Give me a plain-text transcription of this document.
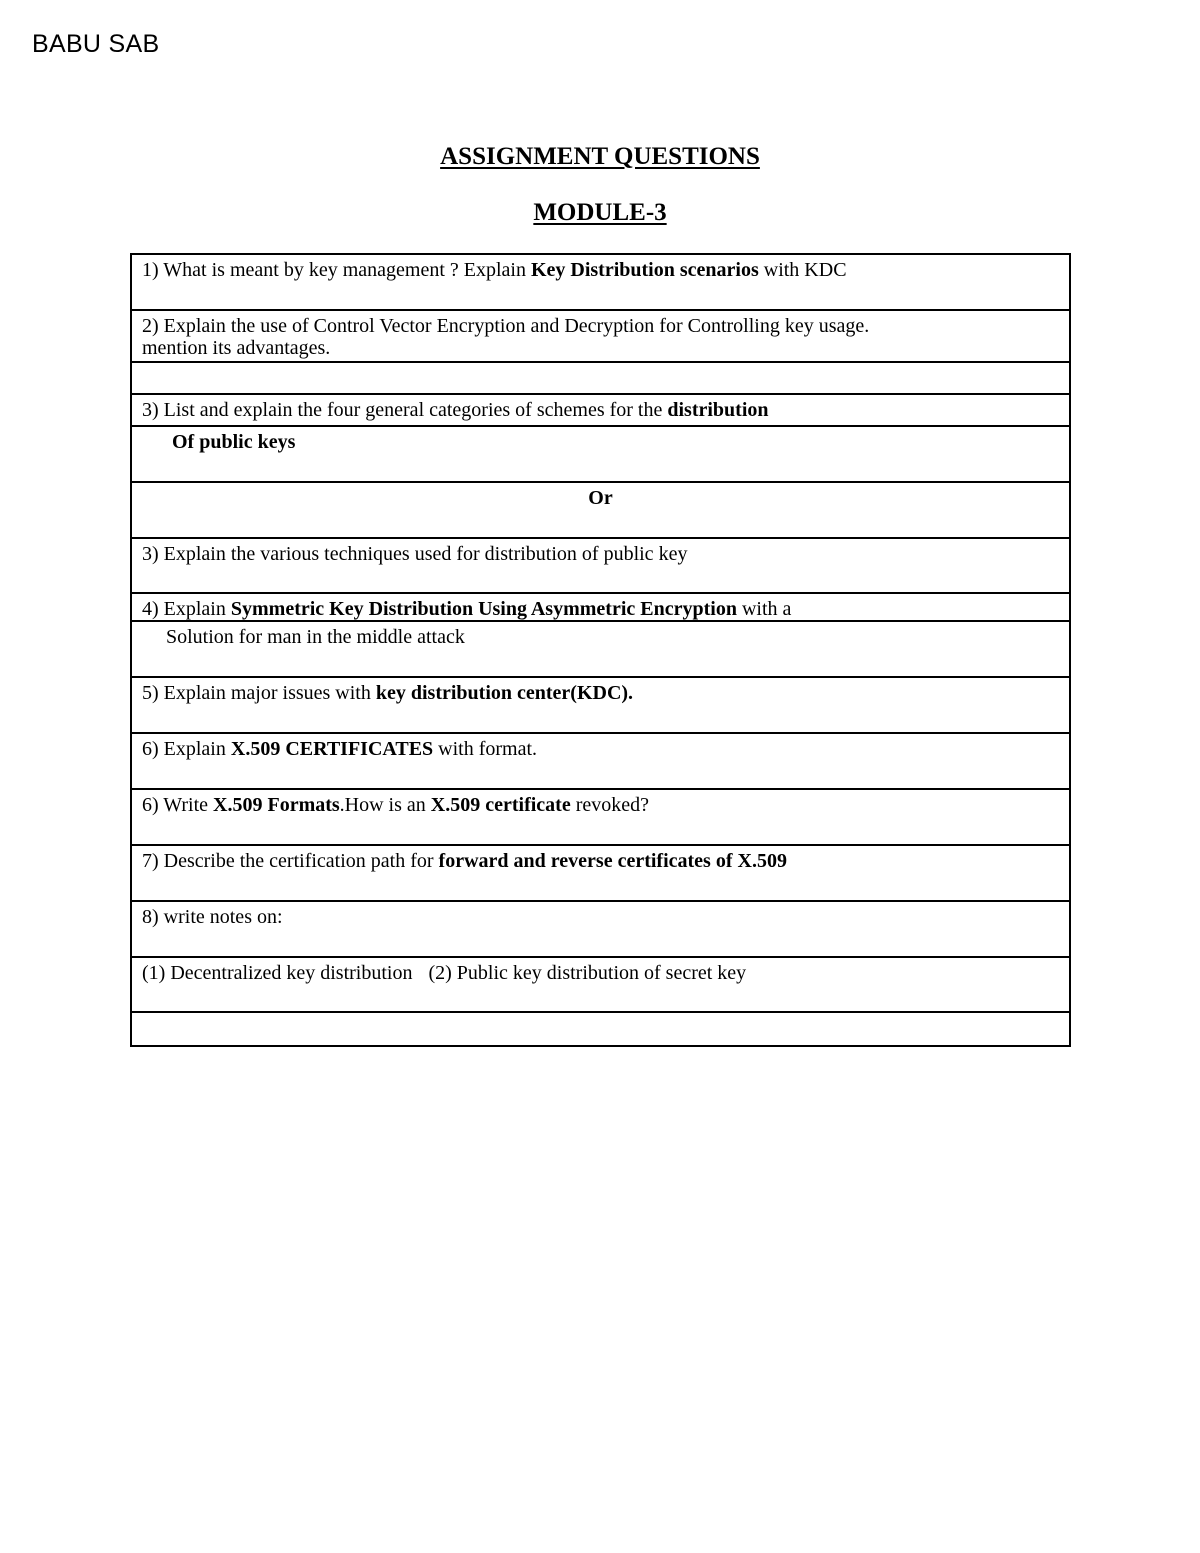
BABU SAB
ASSIGNMENT QUESTIONS
MODULE-3
1) What is meant by key management ? Explain Key Distribution scenarios with KDC
2) Explain the use of Control Vector Encryption and Decryption for Controlling key usage.
mention its advantages.

3) List and explain the four general categories of schemes for the distribution
Of public keys
Or
3) Explain the various techniques used for distribution of public key
4) Explain Symmetric Key Distribution Using Asymmetric Encryption with a
Solution for man in the middle attack
5) Explain major issues with key distribution center(KDC).
6) Explain X.509 CERTIFICATES with format.
6) Write X.509 Formats.How is an X.509 certificate revoked?
7) Describe the certification path for forward and reverse certificates of X.509
8) write notes on:
(1) Decentralized key distribution (2) Public key distribution of secret key
